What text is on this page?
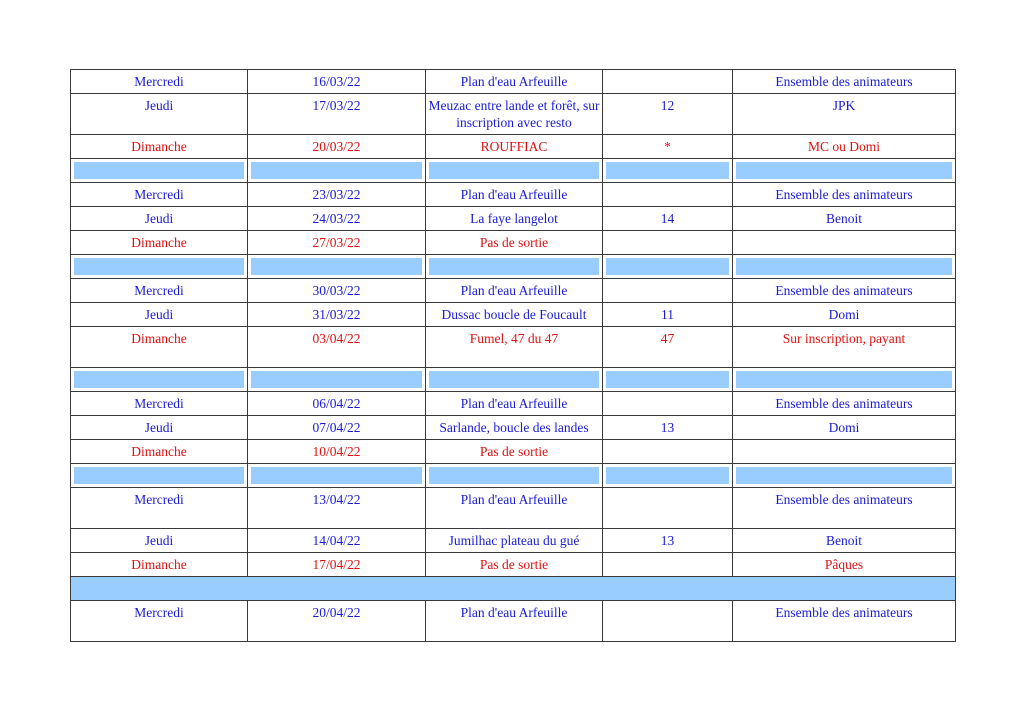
Mercredi	16/03/22	Plan d'eau Arfeuille		Ensemble des animateurs
Jeudi	17/03/22	Meuzac entre lande et forêt, sur inscription avec resto	12	JPK
Dimanche	20/03/22	ROUFFIAC	*	MC ou Domi

Mercredi	23/03/22	Plan d'eau Arfeuille		Ensemble des animateurs
Jeudi	24/03/22	La faye langelot	14	Benoit
Dimanche	27/03/22	Pas de sortie		

Mercredi	30/03/22	Plan d'eau Arfeuille		Ensemble des animateurs
Jeudi	31/03/22	Dussac boucle de Foucault	11	Domi
Dimanche	03/04/22	Fumel, 47 du 47	47	Sur inscription, payant

Mercredi	06/04/22	Plan d'eau Arfeuille		Ensemble des animateurs
Jeudi	07/04/22	Sarlande, boucle des landes	13	Domi
Dimanche	10/04/22	Pas de sortie		

Mercredi	13/04/22	Plan d'eau Arfeuille		Ensemble des animateurs
Jeudi	14/04/22	Jumilhac plateau du gué	13	Benoit
Dimanche	17/04/22	Pas de sortie		Pâques

Mercredi	20/04/22	Plan d'eau Arfeuille		Ensemble des animateurs
